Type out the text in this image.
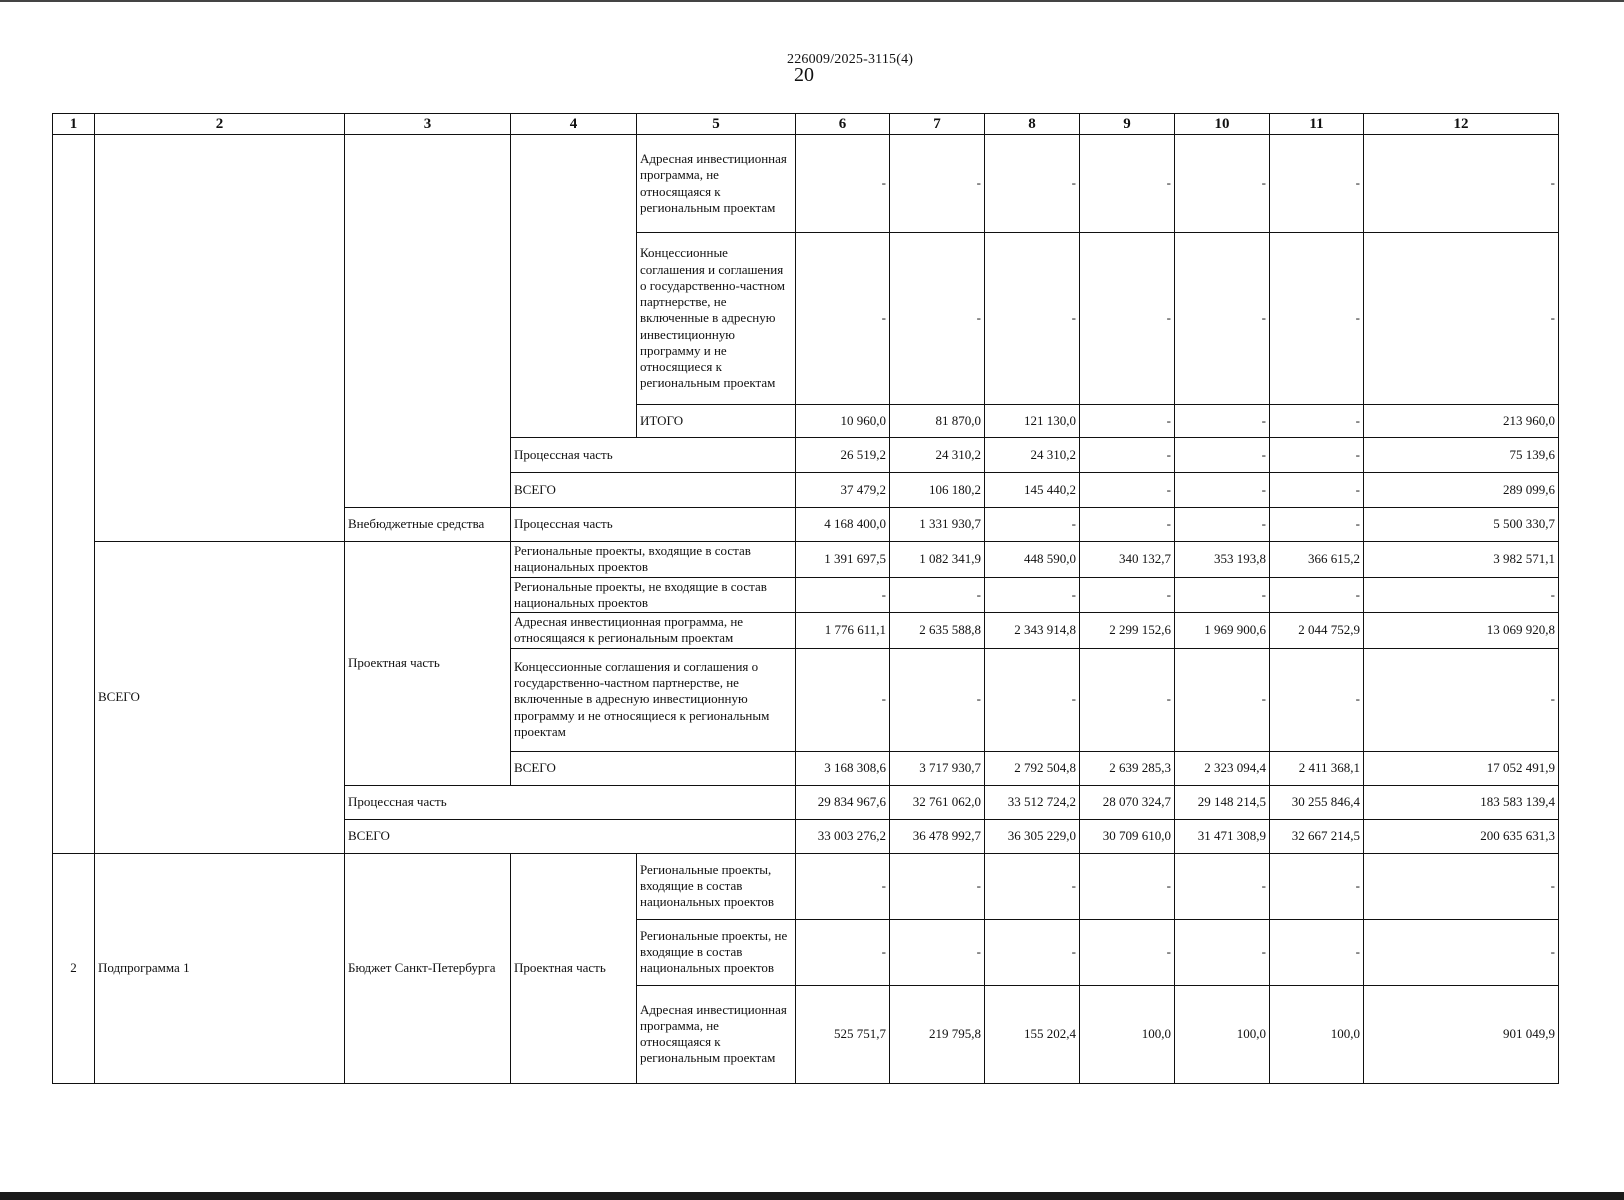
226009/2025-3115(4)
20
1	2	3	4	5	6	7	8	9	10	11	12
				Адресная инвестиционная программа, не относящаяся к региональным проектам	-	-	-	-	-	-	-
				Концессионные соглашения и соглашения о государственно-частном партнерстве, не включенные в адресную инвестиционную программу и не относящиеся к региональным проектам	-	-	-	-	-	-	-
				ИТОГО	10 960,0	81 870,0	121 130,0	-	-	-	213 960,0
			Процессная часть		26 519,2	24 310,2	24 310,2	-	-	-	75 139,6
			ВСЕГО		37 479,2	106 180,2	145 440,2	-	-	-	289 099,6
		Внебюджетные средства	Процессная часть		4 168 400,0	1 331 930,7	-	-	-	-	5 500 330,7
	ВСЕГО	Проектная часть	Региональные проекты, входящие в состав национальных проектов		1 391 697,5	1 082 341,9	448 590,0	340 132,7	353 193,8	366 615,2	3 982 571,1
			Региональные проекты, не входящие в состав национальных проектов		-	-	-	-	-	-	-
			Адресная инвестиционная программа, не относящаяся к региональным проектам		1 776 611,1	2 635 588,8	2 343 914,8	2 299 152,6	1 969 900,6	2 044 752,9	13 069 920,8
			Концессионные соглашения и соглашения о государственно-частном партнерстве, не включенные в адресную инвестиционную программу и не относящиеся к региональным проектам		-	-	-	-	-	-	-
			ВСЕГО		3 168 308,6	3 717 930,7	2 792 504,8	2 639 285,3	2 323 094,4	2 411 368,1	17 052 491,9
		Процессная часть			29 834 967,6	32 761 062,0	33 512 724,2	28 070 324,7	29 148 214,5	30 255 846,4	183 583 139,4
		ВСЕГО			33 003 276,2	36 478 992,7	36 305 229,0	30 709 610,0	31 471 308,9	32 667 214,5	200 635 631,3
2	Подпрограмма 1	Бюджет Санкт-Петербурга	Проектная часть	Региональные проекты, входящие в состав национальных проектов	-	-	-	-	-	-	-
				Региональные проекты, не входящие в состав национальных проектов	-	-	-	-	-	-	-
				Адресная инвестиционная программа, не относящаяся к региональным проектам	525 751,7	219 795,8	155 202,4	100,0	100,0	100,0	901 049,9
